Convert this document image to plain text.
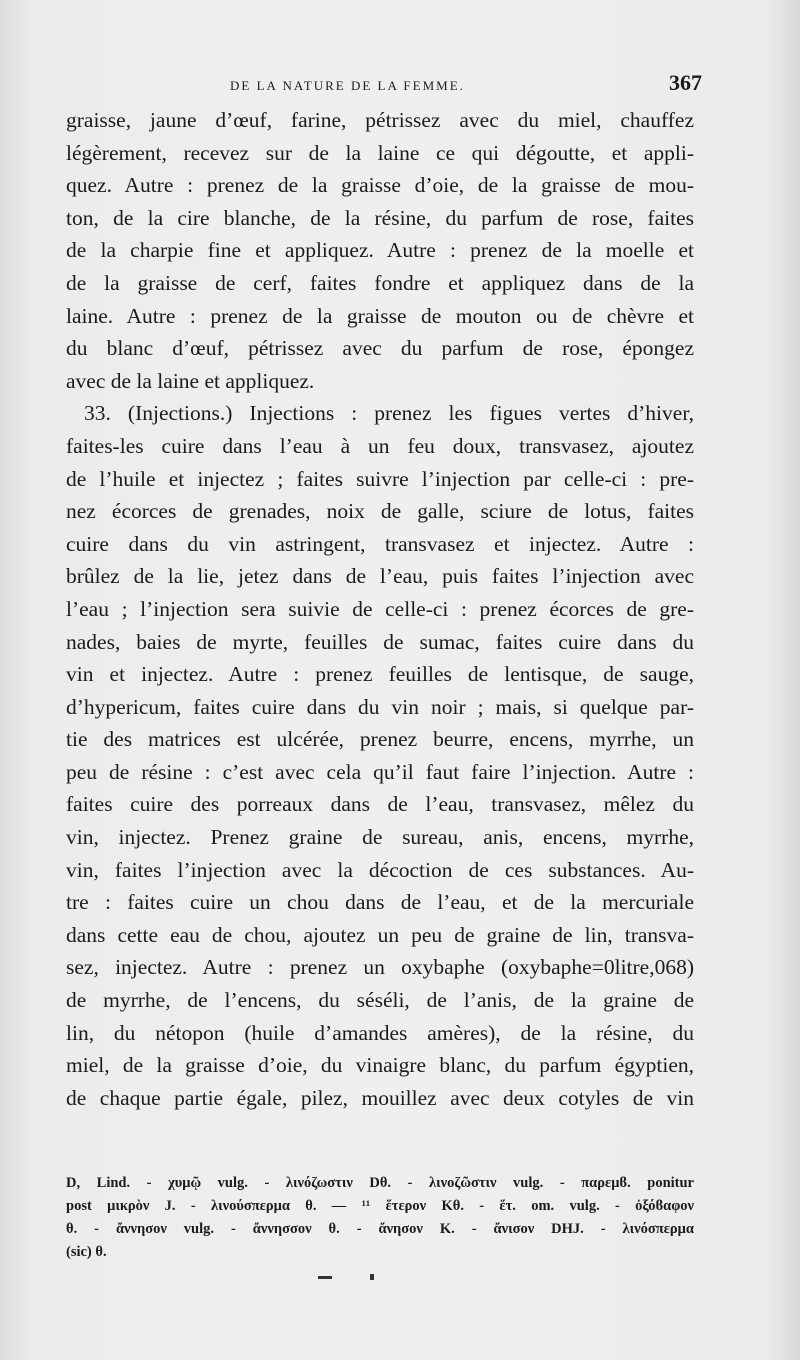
DE LA NATURE DE LA FEMME.	367
graisse, jaune d’œuf, farine, pétrissez avec du miel, chauffez
légèrement, recevez sur de la laine ce qui dégoutte, et appli-
quez. Autre : prenez de la graisse d’oie, de la graisse de mou-
ton, de la cire blanche, de la résine, du parfum de rose, faites
de la charpie fine et appliquez. Autre : prenez de la moelle et
de la graisse de cerf, faites fondre et appliquez dans de la
laine. Autre : prenez de la graisse de mouton ou de chèvre et
du blanc d’œuf, pétrissez avec du parfum de rose, épongez
avec de la laine et appliquez.
33. (Injections.) Injections : prenez les figues vertes d’hiver,
faites-les cuire dans l’eau à un feu doux, transvasez, ajoutez
de l’huile et injectez ; faites suivre l’injection par celle-ci : pre-
nez écorces de grenades, noix de galle, sciure de lotus, faites
cuire dans du vin astringent, transvasez et injectez. Autre :
brûlez de la lie, jetez dans de l’eau, puis faites l’injection avec
l’eau ; l’injection sera suivie de celle-ci : prenez écorces de gre-
nades, baies de myrte, feuilles de sumac, faites cuire dans du
vin et injectez. Autre : prenez feuilles de lentisque, de sauge,
d’hypericum, faites cuire dans du vin noir ; mais, si quelque par-
tie des matrices est ulcérée, prenez beurre, encens, myrrhe, un
peu de résine : c’est avec cela qu’il faut faire l’injection. Autre :
faites cuire des porreaux dans de l’eau, transvasez, mêlez du
vin, injectez. Prenez graine de sureau, anis, encens, myrrhe,
vin, faites l’injection avec la décoction de ces substances. Au-
tre : faites cuire un chou dans de l’eau, et de la mercuriale
dans cette eau de chou, ajoutez un peu de graine de lin, transva-
sez, injectez. Autre : prenez un oxybaphe (oxybaphe=0litre,068)
de myrrhe, de l’encens, du séséli, de l’anis, de la graine de
lin, du nétopon (huile d’amandes amères), de la résine, du
miel, de la graisse d’oie, du vinaigre blanc, du parfum égyptien,
de chaque partie égale, pilez, mouillez avec deux cotyles de vin
D, Lind. - χυμῷ vulg. - λινόζωστιν Dθ. - λινοζῶστιν vulg. - παρεμϐ. ponitur
post μικρὸν J. - λινούσπερμα θ. — ¹¹ ἕτερον Kθ. - ἕτ. om. vulg. - ὀξόϐαφον
θ. - ἄννησον vulg. - ἄννησσον θ. - ἄνησον K. - ἄνισον DHJ. - λινόσπερμα
(sic) θ.
